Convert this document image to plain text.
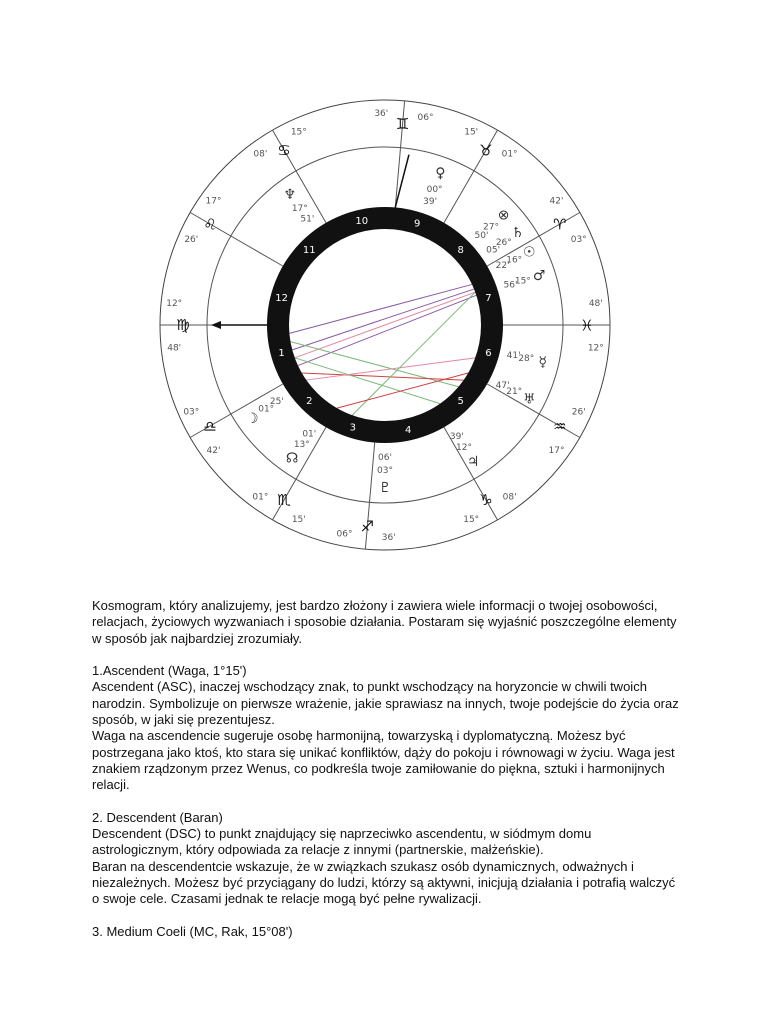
1
2
3	4
5
6
7
8
9
10
11
12
12°
♍
48'
03°
♎
42'
01° ♏
15'
06° ♐
36'
15°
♑ 08'
17°
♒
26'
12°
♓
48'
03°
♈
42'
01°
♉
15'
06°
♊
36'
15°
♋
08'
17°
♌
26'
♆
17°
51'
♀
00°
39'
⊗
27°
50' ♄
26°
05' ☉
16°
22'
♂
15°
56'
☿
28°
41'
♅
21°
47'
♃
12°
39'
♇
03°
06'
☽
01°
25'
☊
13°
01'

Kosmogram, który analizujemy, jest bardzo złożony i zawiera wiele informacji o twojej osobowości, relacjach, życiowych wyzwaniach i sposobie działania. Postaram się wyjaśnić poszczególne elementy w sposób jak najbardziej zrozumiały.

1.Ascendent (Waga, 1°15')

Ascendent (ASC), inaczej wschodzący znak, to punkt wschodzący na horyzoncie w chwili twoich narodzin. Symbolizuje on pierwsze wrażenie, jakie sprawiasz na innych, twoje podejście do życia oraz sposób, w jaki się prezentujesz.

Waga na ascendencie sugeruje osobę harmonijną, towarzyską i dyplomatyczną. Możesz być postrzegana jako ktoś, kto stara się unikać konfliktów, dąży do pokoju i równowagi w życiu. Waga jest znakiem rządzonym przez Wenus, co podkreśla twoje zamiłowanie do piękna, sztuki i harmonijnych relacji.

2. Descendent (Baran)

Descendent (DSC) to punkt znajdujący się naprzeciwko ascendentu, w siódmym domu astrologicznym, który odpowiada za relacje z innymi (partnerskie, małżeńskie).

Baran na descendentcie wskazuje, że w związkach szukasz osób dynamicznych, odważnych i niezależnych. Możesz być przyciągany do ludzi, którzy są aktywni, inicjują działania i potrafią walczyć o swoje cele. Czasami jednak te relacje mogą być pełne rywalizacji.

3. Medium Coeli (MC, Rak, 15°08')
